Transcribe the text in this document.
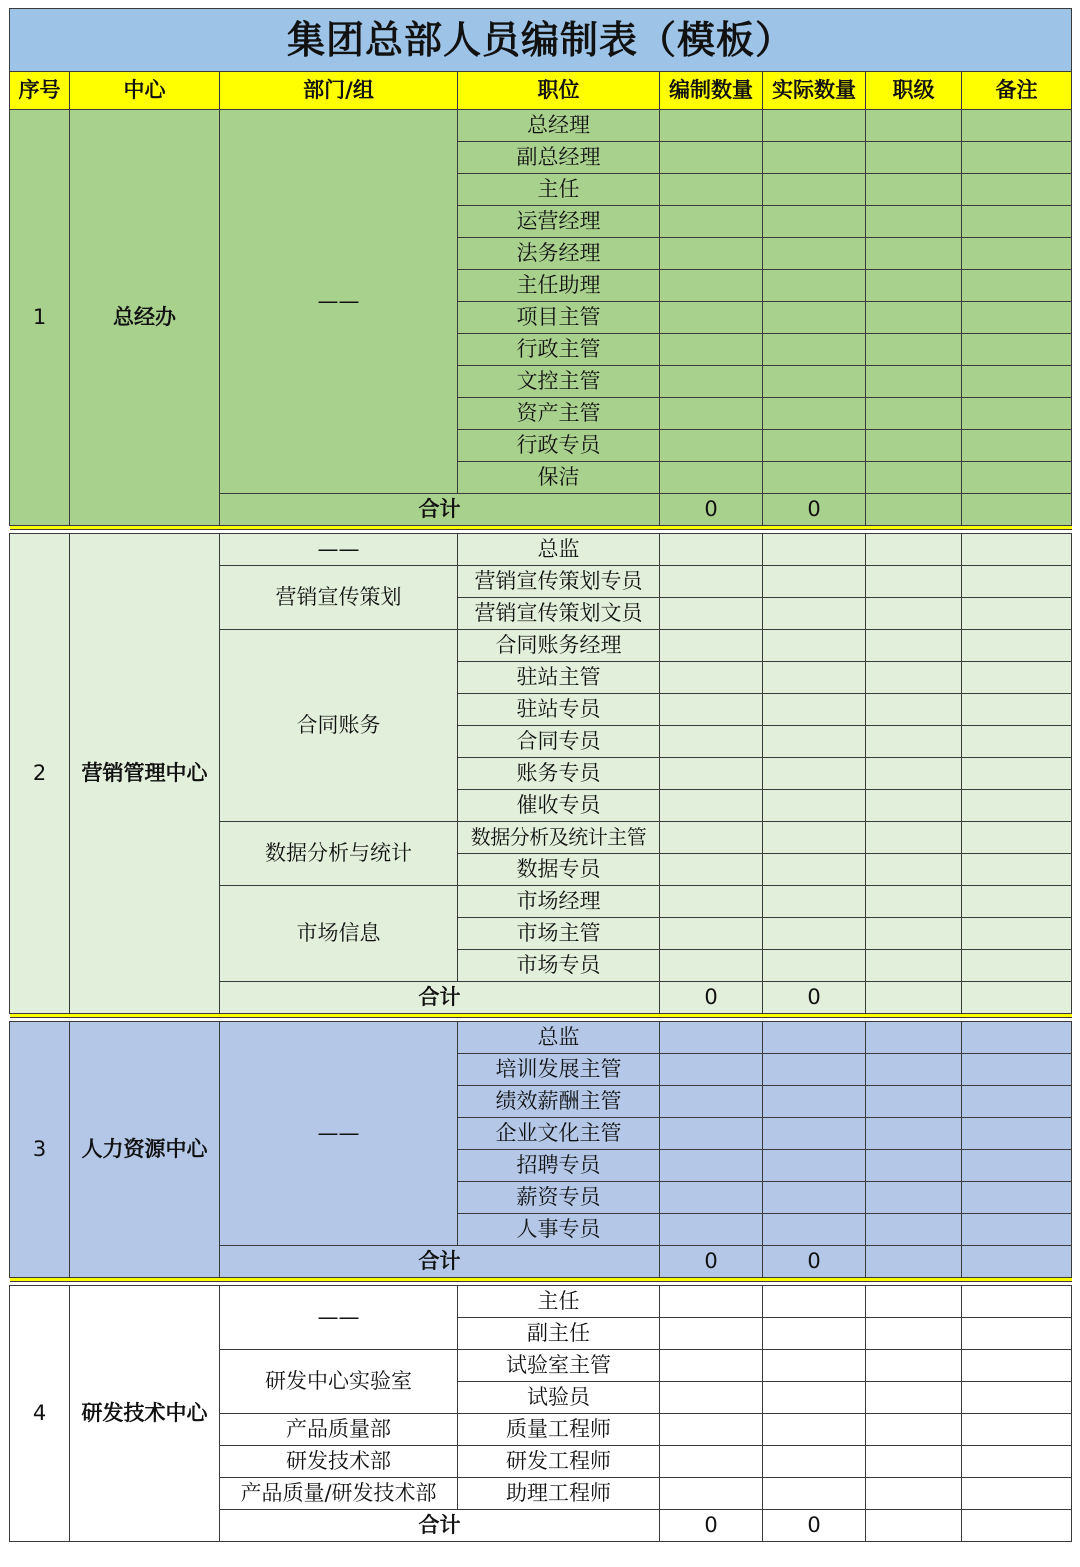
集团总部人员编制表（模板）							
序号	中心	部门/组	职位	编制数量	实际数量	职级	备注
1	总经办	——	总经理				
			副总经理				
			主任				
			运营经理				
			法务经理				
			主任助理				
			项目主管				
			行政主管				
			文控主管				
			资产主管				
			行政专员				
			保洁				
		合计		0	0		

2	营销管理中心	——	总监				
		营销宣传策划	营销宣传策划专员				
			营销宣传策划文员				
		合同账务	合同账务经理				
			驻站主管				
			驻站专员				
			合同专员				
			账务专员				
			催收专员				
		数据分析与统计	数据分析及统计主管				
			数据专员				
		市场信息	市场经理				
			市场主管				
			市场专员				
		合计		0	0		

3	人力资源中心	——	总监				
			培训发展主管				
			绩效薪酬主管				
			企业文化主管				
			招聘专员				
			薪资专员				
			人事专员				
		合计		0	0		

4	研发技术中心	——	主任				
			副主任				
		研发中心实验室	试验室主管				
			试验员				
		产品质量部	质量工程师				
		研发技术部	研发工程师				
		产品质量/研发技术部	助理工程师				
		合计		0	0		
